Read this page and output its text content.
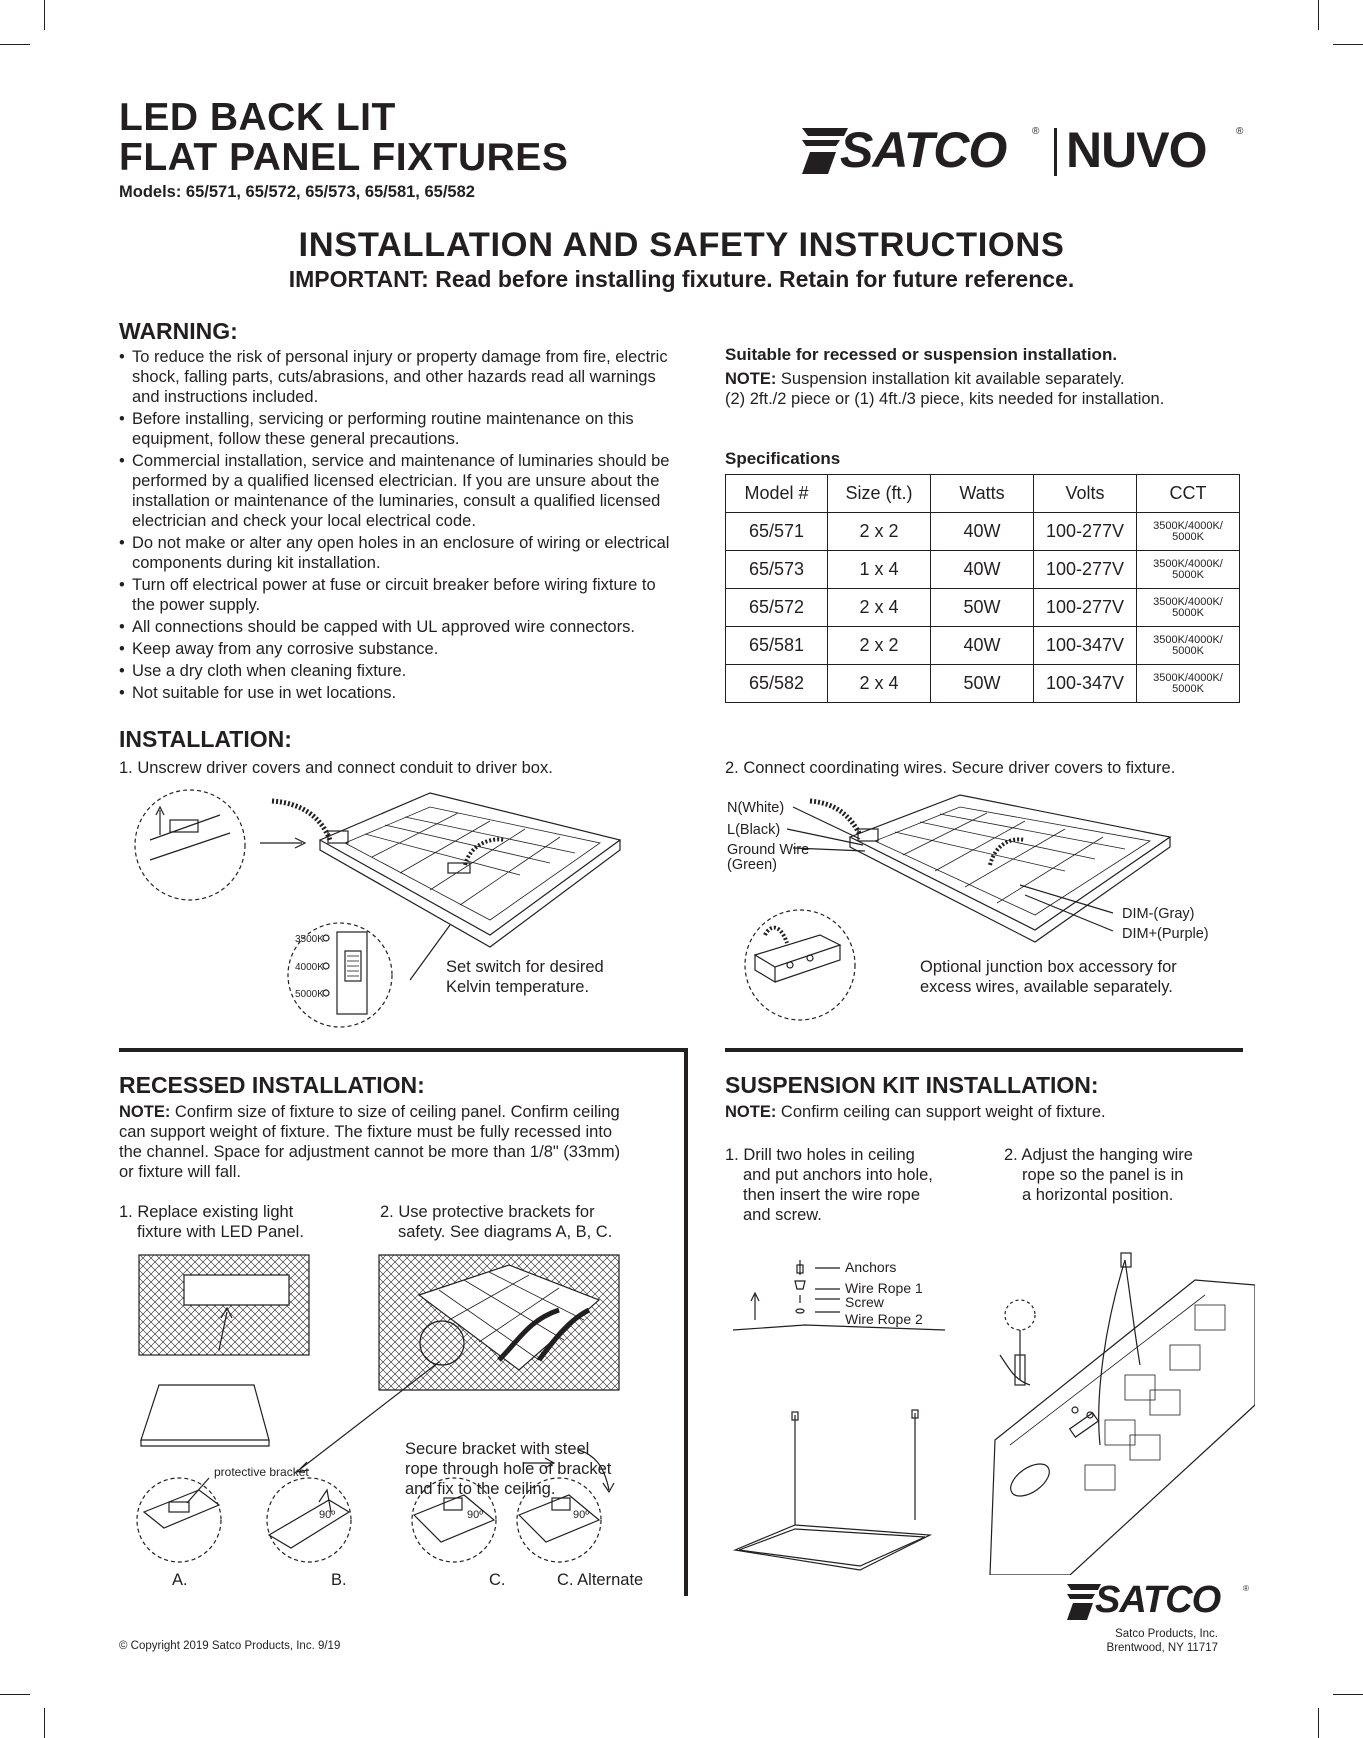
LED BACK LIT
FLAT PANEL FIXTURES
Models: 65/571, 65/572, 65/573, 65/581, 65/582
SATCO	® NUVO	®
INSTALLATION AND SAFETY INSTRUCTIONS
IMPORTANT: Read before installing fixuture. Retain for future reference.
WARNING:
• To reduce the risk of personal injury or property damage from fire, electric shock, falling parts, cuts/abrasions, and other hazards read all warnings and instructions included.
• Before installing, servicing or performing routine maintenance on this equipment, follow these general precautions.
• Commercial installation, service and maintenance of luminaries should be performed by a qualified licensed electrician. If you are unsure about the installation or maintenance of the luminaries, consult a qualified licensed electrician and check your local electrical code.
• Do not make or alter any open holes in an enclosure of wiring or electrical components during kit installation.
• Turn off electrical power at fuse or circuit breaker before wiring fixture to the power supply.
• All connections should be capped with UL approved wire connectors.
• Keep away from any corrosive substance.
• Use a dry cloth when cleaning fixture.
• Not suitable for use in wet locations.
Suitable for recessed or suspension installation.
NOTE: Suspension installation kit available separately.
(2) 2ft./2 piece or (1) 4ft./3 piece, kits needed for installation.
Specifications
Model #	Size (ft.)	Watts	Volts	CCT
65/571	2 x 2	40W	100-277V	3500K/4000K/
5000K
65/573	1 x 4	40W	100-277V	3500K/4000K/
5000K
65/572	2 x 4	50W	100-277V	3500K/4000K/
5000K
65/581	2 x 2	40W	100-347V	3500K/4000K/
5000K
65/582	2 x 4	50W	100-347V	3500K/4000K/
5000K
INSTALLATION:
1. Unscrew driver covers and connect conduit to driver box.	2. Connect coordinating wires. Secure driver covers to fixture.
3500K
4000K
5000K
Set switch for desired
Kelvin temperature.
N(White)
L(Black)
Ground Wire
(Green)
DIM-(Gray)
DIM+(Purple)
Optional junction box accessory for
excess wires, available separately.
RECESSED INSTALLATION:
NOTE: Confirm size of fixture to size of ceiling panel. Confirm ceiling can support weight of fixture. The fixture must be fully recessed into the channel. Space for adjustment cannot be more than 1/8" (33mm) or fixture will fall.
1. Replace existing light
fixture with LED Panel.
2. Use protective brackets for
safety. See diagrams A, B, C.
90º	90º	90º
protective bracket
Secure bracket with steel
rope through hole of bracket
and fix to the ceiling.
A.	B.	C.	C. Alternate
SUSPENSION KIT INSTALLATION:
NOTE: Confirm ceiling can support weight of fixture.
1. Drill two holes in ceiling
and put anchors into hole,
then insert the wire rope
and screw.
2. Adjust the hanging wire
rope so the panel is in
a horizontal position.
Anchors
Wire Rope 1
Screw
Wire Rope 2
© Copyright 2019 Satco Products, Inc. 9/19
SATCO	®
Satco Products, Inc.
Brentwood, NY 11717
